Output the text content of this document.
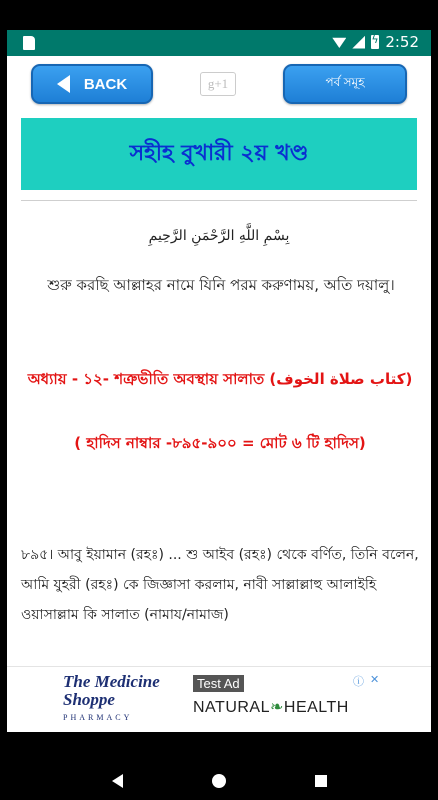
ϟ
2:52
BACK	g+1	পর্ব সমূহ
সহীহ বুখারী ২য় খণ্ড
بِسْمِ اللَّهِ الرَّحْمَنِ الرَّحِيمِ
শুরু করছি আল্লাহর নামে যিনি পরম করুণাময়, অতি দয়ালু।
অধ্যায় - ১২- শত্রুভীতি অবস্থায় সালাত (كتاب صلاة الخوف)
( হাদিস নাম্বার -৮৯৫-৯০০ = মোট ৬ টি হাদিস)
৮৯৫। আবু ইয়ামান (রহঃ) ... শু আইব (রহঃ) থেকে বর্ণিত, তিনি বলেন, আমি যুহরী (রহঃ) কে জিজ্ঞাসা করলাম, নাবী সাল্লাল্লাহু আলাইহি ওয়াসাল্লাম কি সালাত (নামায/নামাজ)
The Medicine Shoppe
PHARMACY
Test Ad
NATURAL❧HEALTH
ⓘ ✕
